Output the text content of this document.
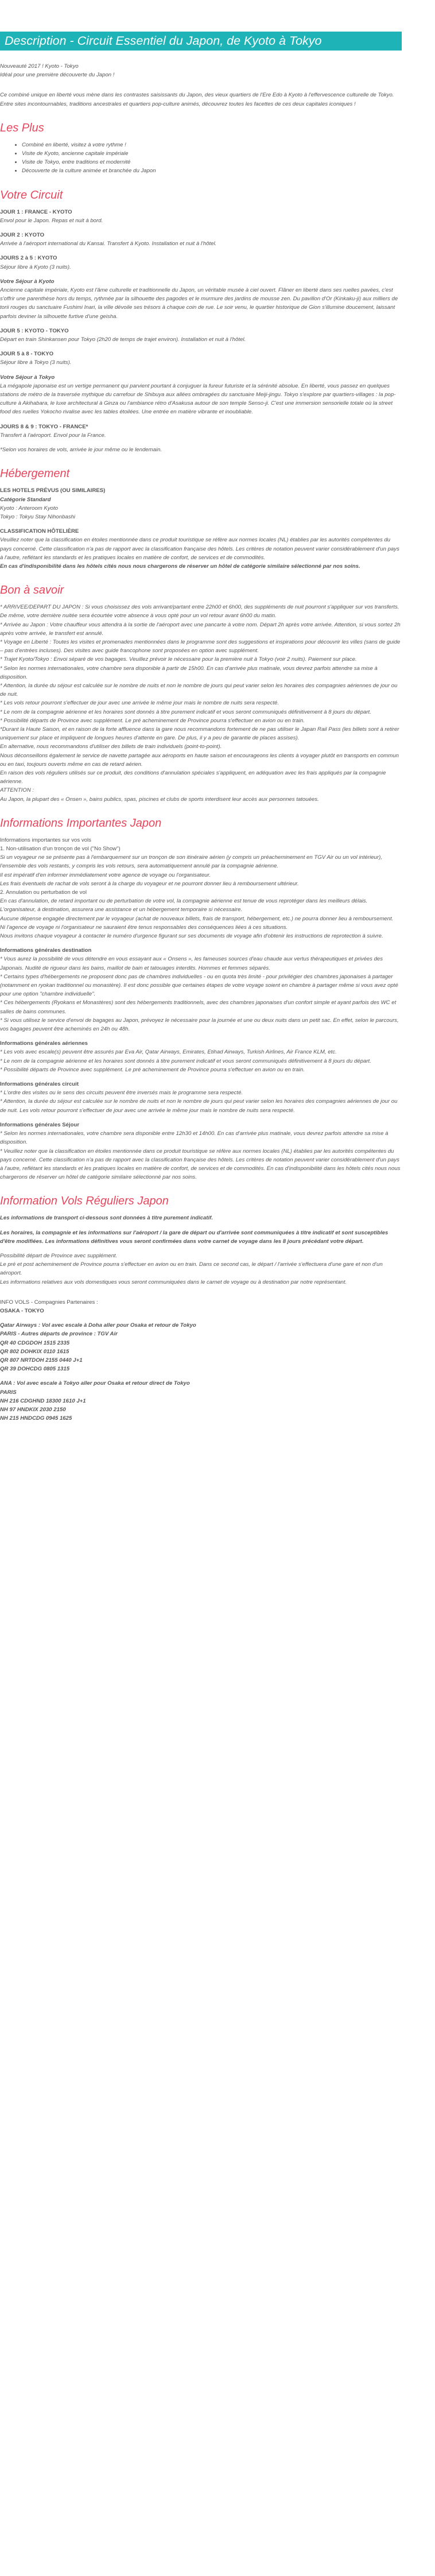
Description - Circuit Essentiel du Japon, de Kyoto à Tokyo

Nouveauté 2017 ! Kyoto - Tokyo

Idéal pour une première découverte du Japon !

Ce combiné unique en liberté vous mène dans les contrastes saisissants du Japon, des vieux quartiers de l'Ere Edo à Kyoto à l'effervescence culturelle de Tokyo. Entre sites incontournables, traditions ancestrales et quartiers pop-culture animés, découvrez toutes les facettes de ces deux capitales iconiques !

Les Plus
• Combiné en liberté, visitez à votre rythme !
• Visite de Kyoto, ancienne capitale impériale
• Visite de Tokyo, entre traditions et modernité
• Découverte de la culture animée et branchée du Japon
Votre Circuit

JOUR 1 : FRANCE - KYOTO

Envol pour le Japon. Repas et nuit à bord.

JOUR 2 : KYOTO

Arrivée à l'aéroport international du Kansai. Transfert à Kyoto. Installation et nuit à l'hôtel.

JOURS 2 à 5 : KYOTO

Séjour libre à Kyoto (3 nuits).

Votre Séjour à Kyoto

Ancienne capitale impériale, Kyoto est l'âme culturelle et traditionnelle du Japon, un véritable musée à ciel ouvert. Flâner en liberté dans ses ruelles pavées, c'est s'offrir une parenthèse hors du temps, rythmée par la silhouette des pagodes et le murmure des jardins de mousse zen. Du pavillon d'Or (Kinkaku-ji) aux milliers de torii rouges du sanctuaire Fushimi Inari, la ville dévoile ses trésors à chaque coin de rue. Le soir venu, le quartier historique de Gion s'illumine doucement, laissant parfois deviner la silhouette furtive d'une geisha.

JOUR 5 : KYOTO - TOKYO

Départ en train Shinkansen pour Tokyo (2h20 de temps de trajet environ). Installation et nuit à l'hôtel.

JOUR 5 à 8 - TOKYO

Séjour libre à Tokyo (3 nuits).

Votre Séjour à Tokyo

La mégapole japonaise est un vertige permanent qui parvient pourtant à conjuguer la fureur futuriste et la sérénité absolue. En liberté, vous passez en quelques stations de métro de la traversée mythique du carrefour de Shibuya aux allées ombragées du sanctuaire Meiji-jingu. Tokyo s'explore par quartiers-villages : la pop-culture à Akihabara, le luxe architectural à Ginza ou l'ambiance rétro d'Asakusa autour de son temple Senso-ji. C'est une immersion sensorielle totale où la street food des ruelles Yokocho rivalise avec les tables étoilées. Une entrée en matière vibrante et inoubliable.

JOURS 8 & 9 : TOKYO - FRANCE*

Transfert à l'aéroport. Envol pour la France.

*Selon vos horaires de vols, arrivée le jour même ou le lendemain.

Hébergement

LES HOTELS PRÉVUS (OU SIMILAIRES)

Catégorie Standard

Kyoto : Anteroom Kyoto

Tokyo : Tokyu Stay Nihonbashi

CLASSIFICATION HÔTELIÈRE

Veuillez noter que la classification en étoiles mentionnée dans ce produit touristique se réfère aux normes locales (NL) établies par les autorités compétentes du pays concerné. Cette classification n'a pas de rapport avec la classification française des hôtels. Les critères de notation peuvent varier considérablement d'un pays à l'autre, reflétant les standards et les pratiques locales en matière de confort, de services et de commodités.

En cas d'indisponibilité dans les hôtels cités nous nous chargerons de réserver un hôtel de catégorie similaire sélectionné par nos soins.

Bon à savoir

* ARRIVEE/DEPART DU JAPON : Si vous choisissez des vols arrivant/partant entre 22h00 et 6h00, des suppléments de nuit pourront s'appliquer sur vos transferts. De même, votre dernière nuitée sera écourtée votre absence à vous opté pour un vol retour avant 6h00 du matin.

* Arrivée au Japon : Votre chauffeur vous attendra à la sortie de l'aéroport avec une pancarte à votre nom. Départ 2h après votre arrivée. Attention, si vous sortez 2h après votre arrivée, le transfert est annulé.

* Voyage en Liberté : Toutes les visites et promenades mentionnées dans le programme sont des suggestions et inspirations pour découvrir les villes (sans de guide – pas d'entrées incluses). Des visites avec guide francophone sont proposées en option avec supplément.

* Trajet Kyoto/Tokyo : Envoi séparé de vos bagages. Veuillez prévoir le nécessaire pour la première nuit à Tokyo (voir 2 nuits). Paiement sur place.

* Selon les normes internationales, votre chambre sera disponible à partir de 15h00. En cas d'arrivée plus matinale, vous devrez parfois attendre sa mise à disposition.

* Attention, la durée du séjour est calculée sur le nombre de nuits et non le nombre de jours qui peut varier selon les horaires des compagnies aériennes de jour ou de nuit.

* Les vols retour pourront s'effectuer de jour avec une arrivée le même jour mais le nombre de nuits sera respecté.

* Le nom de la compagnie aérienne et les horaires sont donnés à titre purement indicatif et vous seront communiqués définitivement à 8 jours du départ.

* Possibilité départs de Province avec supplément. Le pré acheminement de Province pourra s'effectuer en avion ou en train.

*Durant la Haute Saison, et en raison de la forte affluence dans la gare nous recommandons fortement de ne pas utiliser le Japan Rail Pass (les billets sont à retirer uniquement sur place et impliquent de longues heures d'attente en gare. De plus, il y a peu de garantie de places assises).

En alternative, nous recommandons d'utiliser des billets de train individuels (point-to-point).

Nous déconseillons également le service de navette partagée aux aéroports en haute saison et encourageons les clients à voyager plutôt en transports en commun ou en taxi, toujours ouverts même en cas de retard aérien.

En raison des vols réguliers utilisés sur ce produit, des conditions d'annulation spéciales s'appliquent, en adéquation avec les frais appliqués par la compagnie aérienne.

ATTENTION :

Au Japon, la plupart des « Onsen », bains publics, spas, piscines et clubs de sports interdisent leur accès aux personnes tatouées.

Informations Importantes Japon

Informations importantes sur vos vols

1. Non-utilisation d'un tronçon de vol ("No Show")

Si un voyageur ne se présente pas à l'embarquement sur un tronçon de son itinéraire aérien (y compris un préacheminement en TGV Air ou un vol intérieur), l'ensemble des vols restants, y compris les vols retours, sera automatiquement annulé par la compagnie aérienne.

Il est impératif d'en informer immédiatement votre agence de voyage ou l'organisateur.

Les frais éventuels de rachat de vols seront à la charge du voyageur et ne pourront donner lieu à remboursement ultérieur.

2. Annulation ou perturbation de vol

En cas d'annulation, de retard important ou de perturbation de votre vol, la compagnie aérienne est tenue de vous reprotéger dans les meilleurs délais.

L'organisateur, à destination, assurera une assistance et un hébergement temporaire si nécessaire.

Aucune dépense engagée directement par le voyageur (achat de nouveaux billets, frais de transport, hébergement, etc.) ne pourra donner lieu à remboursement.

Ni l'agence de voyage ni l'organisateur ne sauraient être tenus responsables des conséquences liées à ces situations.

Nous invitons chaque voyageur à contacter le numéro d'urgence figurant sur ses documents de voyage afin d'obtenir les instructions de reprotection à suivre.

Informations générales destination

* Vous aurez la possibilité de vous détendre en vous essayant aux « Onsens », les fameuses sources d'eau chaude aux vertus thérapeutiques et privées des Japonais. Nudité de rigueur dans les bains, maillot de bain et tatouages interdits. Hommes et femmes séparés.

* Certains types d'hébergements ne proposent donc pas de chambres individuelles - ou en quota très limité - pour privilégier des chambres japonaises à partager (notamment en ryokan traditionnel ou monastère). Il est donc possible que certaines étapes de votre voyage soient en chambre à partager même si vous avez opté pour une option "chambre individuelle".

* Ces hébergements (Ryokans et Monastères) sont des hébergements traditionnels, avec des chambres japonaises d'un confort simple et ayant parfois des WC et salles de bains communes.

* Si vous utilisez le service d'envoi de bagages au Japon, prévoyez le nécessaire pour la journée et une ou deux nuits dans un petit sac. En effet, selon le parcours, vos bagages peuvent être acheminés en 24h ou 48h.

Informations générales aériennes

* Les vols avec escale(s) peuvent être assurés par Eva Air, Qatar Airways, Emirates, Etihad Airways, Turkish Airlines, Air France KLM, etc.

* Le nom de la compagnie aérienne et les horaires sont donnés à titre purement indicatif et vous seront communiqués définitivement à 8 jours du départ.

* Possibilité départs de Province avec supplément. Le pré acheminement de Province pourra s'effectuer en avion ou en train.

Informations générales circuit

* L'ordre des visites ou le sens des circuits peuvent être inversés mais le programme sera respecté.

* Attention, la durée du séjour est calculée sur le nombre de nuits et non le nombre de jours qui peut varier selon les horaires des compagnies aériennes de jour ou de nuit. Les vols retour pourront s'effectuer de jour avec une arrivée le même jour mais le nombre de nuits sera respecté.

Informations générales Séjour

* Selon les normes internationales, votre chambre sera disponible entre 12h30 et 14h00. En cas d'arrivée plus matinale, vous devrez parfois attendre sa mise à disposition.

* Veuillez noter que la classification en étoiles mentionnée dans ce produit touristique se réfère aux normes locales (NL) établies par les autorités compétentes du pays concerné. Cette classification n'a pas de rapport avec la classification française des hôtels. Les critères de notation peuvent varier considérablement d'un pays à l'autre, reflétant les standards et les pratiques locales en matière de confort, de services et de commodités. En cas d'indisponibilité dans les hôtels cités nous nous chargerons de réserver un hôtel de catégorie similaire sélectionné par nos soins.

Information Vols Réguliers Japon

Les informations de transport ci-dessous sont données à titre purement indicatif.

Les horaires, la compagnie et les informations sur l'aéroport / la gare de départ ou d'arrivée sont communiquées à titre indicatif et sont susceptibles d'être modifiées. Les informations définitives vous seront confirmées dans votre carnet de voyage dans les 8 jours précédant votre départ.

Possibilité départ de Province avec supplément.

Le pré et post acheminement de Province pourra s'effectuer en avion ou en train. Dans ce second cas, le départ / l'arrivée s'effectuera d'une gare et non d'un aéroport.

Les informations relatives aux vols domestiques vous seront communiquées dans le carnet de voyage ou à destination par notre représentant.

INFO VOLS - Compagnies Partenaires :

OSAKA - TOKYO

Qatar Airways : Vol avec escale à Doha aller pour Osaka et retour de Tokyo

PARIS - Autres départs de province : TGV Air

QR 40 CDGDOH 1515 2335

QR 802 DOHKIX 0110 1615

QR 807 NRTDOH 2155 0440 J+1

QR 39 DOHCDG 0805 1315

ANA : Vol avec escale à Tokyo aller pour Osaka et retour direct de Tokyo

PARIS

NH 216 CDGHND 18300 1610 J+1

NH 97 HNDKIX 2030 2150

NH 215 HNDCDG 0945 1625
